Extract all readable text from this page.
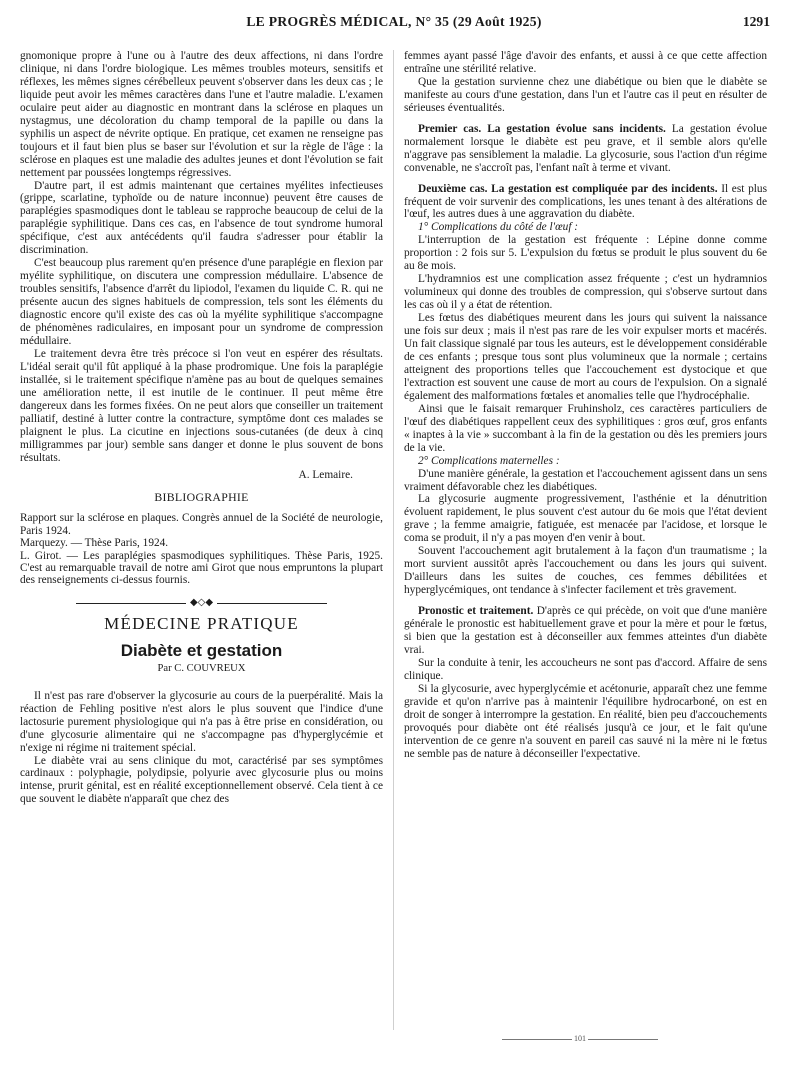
LE PROGRÈS MÉDICAL, N° 35 (29 Août 1925)	1291

gnomonique propre à l'une ou à l'autre des deux affections, ni dans l'ordre clinique, ni dans l'ordre biologique. Les mêmes troubles moteurs, sensitifs et réflexes, les mêmes signes cérébelleux peuvent s'observer dans les deux cas ; le liquide peut avoir les mêmes caractères dans l'une et l'autre maladie. L'examen oculaire peut aider au diagnostic en montrant dans la sclérose en plaques un nystagmus, une décoloration du champ temporal de la papille ou dans la syphilis un aspect de névrite optique. En pratique, cet examen ne renseigne pas toujours et il faut bien plus se baser sur l'évolution et sur la règle de l'âge : la sclérose en plaques est une maladie des adultes jeunes et dont l'évolution se fait nettement par poussées longtemps régressives.

D'autre part, il est admis maintenant que certaines myélites infectieuses (grippe, scarlatine, typhoïde ou de nature inconnue) peuvent être causes de paraplégies spasmodiques dont le tableau se rapproche beaucoup de celui de la paraplégie syphilitique. Dans ces cas, en l'absence de tout syndrome humoral spécifique, c'est aux antécédents qu'il faudra s'adresser pour établir la discrimination.

C'est beaucoup plus rarement qu'en présence d'une paraplégie en flexion par myélite syphilitique, on discutera une compression médullaire. L'absence de troubles sensitifs, l'absence d'arrêt du lipiodol, l'examen du liquide C. R. qui ne présente aucun des signes habituels de compression, tels sont les éléments du diagnostic encore qu'il existe des cas où la myélite syphilitique s'accompagne de phénomènes radiculaires, en imposant pour un syndrome de compression médullaire.

Le traitement devra être très précoce si l'on veut en espérer des résultats. L'idéal serait qu'il fût appliqué à la phase prodromique. Une fois la paraplégie installée, si le traitement spécifique n'amène pas au bout de quelques semaines une amélioration nette, il est inutile de le continuer. Il peut même être dangereux dans les formes fixées. On ne peut alors que conseiller un traitement palliatif, destiné à lutter contre la contracture, symptôme dont ces malades se plaignent le plus. La cicutine en injections sous-cutanées (de deux à cinq milligrammes par jour) semble sans danger et donne le plus souvent de bons résultats.

A. Lemaire.

BIBLIOGRAPHIE

Rapport sur la sclérose en plaques. Congrès annuel de la Société de neurologie, Paris 1924.

Marquezy. — Thèse Paris, 1924.

L. Girot. — Les paraplégies spasmodiques syphilitiques. Thèse Paris, 1925. C'est au remarquable travail de notre ami Girot que nous empruntons la plupart des renseignements ci-dessus fournis.

◆◇◆

MÉDECINE PRATIQUE

Diabète et gestation

Par C. COUVREUX

Il n'est pas rare d'observer la glycosurie au cours de la puerpéralité. Mais la réaction de Fehling positive n'est alors le plus souvent que l'indice d'une lactosurie purement physiologique qui n'a pas à être prise en considération, ou d'une glycosurie alimentaire qui ne s'accompagne pas d'hyperglycémie et n'exige ni régime ni traitement spécial.

Le diabète vrai au sens clinique du mot, caractérisé par ses symptômes cardinaux : polyphagie, polydipsie, polyurie avec glycosurie plus ou moins intense, prurit génital, est en réalité exceptionnellement observé. Cela tient à ce que souvent le diabète n'apparaît que chez des

femmes ayant passé l'âge d'avoir des enfants, et aussi à ce que cette affection entraîne une stérilité relative.

Que la gestation survienne chez une diabétique ou bien que le diabète se manifeste au cours d'une gestation, dans l'un et l'autre cas il peut en résulter de sérieuses éventualités.

Premier cas. La gestation évolue sans incidents. La gestation évolue normalement lorsque le diabète est peu grave, et il semble alors qu'elle n'aggrave pas sensiblement la maladie. La glycosurie, sous l'action d'un régime convenable, ne s'accroît pas, l'enfant naît à terme et vivant.

Deuxième cas. La gestation est compliquée par des incidents. Il est plus fréquent de voir survenir des complications, les unes tenant à des altérations de l'œuf, les autres dues à une aggravation du diabète.

1° Complications du côté de l'œuf :

L'interruption de la gestation est fréquente : Lépine donne comme proportion : 2 fois sur 5. L'expulsion du fœtus se produit le plus souvent du 6e au 8e mois.

L'hydramnios est une complication assez fréquente ; c'est un hydramnios volumineux qui donne des troubles de compression, qui s'observe surtout dans les cas où il y a état de rétention.

Les fœtus des diabétiques meurent dans les jours qui suivent la naissance une fois sur deux ; mais il n'est pas rare de les voir expulser morts et macérés. Un fait classique signalé par tous les auteurs, est le développement considérable de ces enfants ; presque tous sont plus volumineux que la normale ; certains atteignent des proportions telles que l'accouchement est dystocique et que l'extraction est souvent une cause de mort au cours de l'expulsion. On a signalé également des malformations fœtales et anomalies telle que l'hydrocéphalie.

Ainsi que le faisait remarquer Fruhinsholz, ces caractères particuliers de l'œuf des diabétiques rappellent ceux des syphilitiques : gros œuf, gros enfants « inaptes à la vie » succombant à la fin de la gestation ou dès les premiers jours de la vie.

2° Complications maternelles :

D'une manière générale, la gestation et l'accouchement agissent dans un sens vraiment défavorable chez les diabétiques.

La glycosurie augmente progressivement, l'asthénie et la dénutrition évoluent rapidement, le plus souvent c'est autour du 6e mois que l'état devient grave ; la femme amaigrie, fatiguée, est menacée par l'acidose, et lorsque le coma se produit, il n'y a pas moyen d'en venir à bout.

Souvent l'accouchement agit brutalement à la façon d'un traumatisme ; la mort survient aussitôt après l'accouchement ou dans les jours qui suivent. D'ailleurs dans les suites de couches, ces femmes débilitées et hyperglycémiques, ont tendance à s'infecter facilement et très gravement.

Pronostic et traitement. D'après ce qui précède, on voit que d'une manière générale le pronostic est habituellement grave et pour la mère et pour le fœtus, si bien que la gestation est à déconseiller aux femmes atteintes d'un diabète vrai.

Sur la conduite à tenir, les accoucheurs ne sont pas d'accord. Affaire de sens clinique.

Si la glycosurie, avec hyperglycémie et acétonurie, apparaît chez une femme gravide et qu'on n'arrive pas à maintenir l'équilibre hydrocarboné, on est en droit de songer à interrompre la gestation. En réalité, bien peu d'accouchements provoqués pour diabète ont été réalisés jusqu'à ce jour, et le fait qu'une intervention de ce genre n'a souvent en pareil cas sauvé ni la mère ni le fœtus ne semble pas de nature à déconseiller l'expectative.

101
